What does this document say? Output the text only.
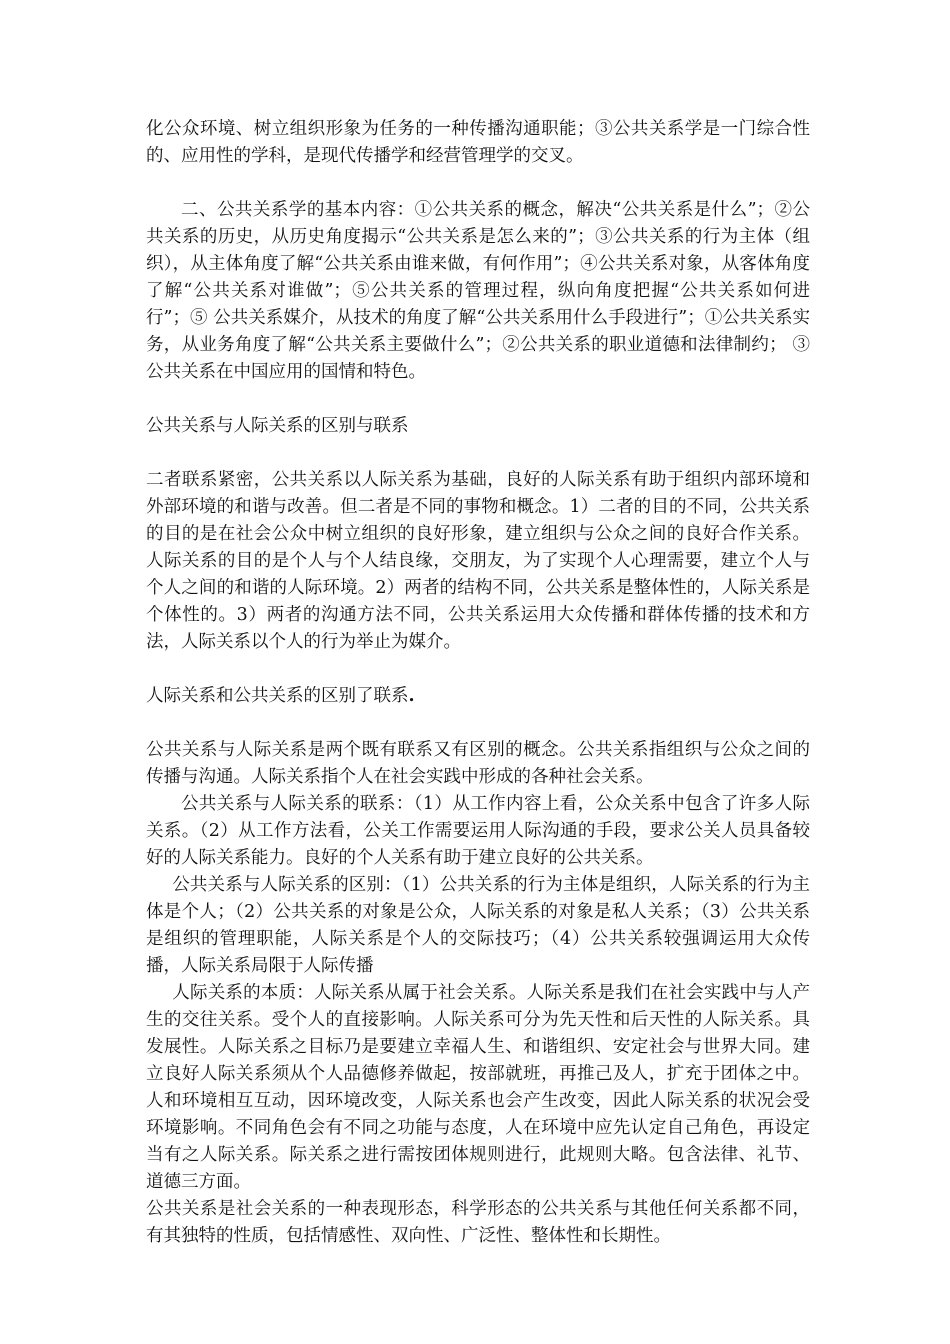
化公众环境、树立组织形象为任务的一种传播沟通职能；③公共关系学是一门综合性的、应用性的学科，是现代传播学和经营管理学的交叉。

二、公共关系学的基本内容：①公共关系的概念，解决“公共关系是什么”；②公共关系的历史，从历史角度揭示“公共关系是怎么来的”；③公共关系的行为主体（组织），从主体角度了解“公共关系由谁来做，有何作用”；④公共关系对象，从客体角度了解“公共关系对谁做”；⑤公共关系的管理过程，纵向角度把握“公共关系如何进行”；⑤ 公共关系媒介，从技术的角度了解“公共关系用什么手段进行”；①公共关系实务，从业务角度了解“公共关系主要做什么”；②公共关系的职业道德和法律制约； ③公共关系在中国应用的国情和特色。

公共关系与人际关系的区别与联系

二者联系紧密，公共关系以人际关系为基础，良好的人际关系有助于组织内部环境和外部环境的和谐与改善。但二者是不同的事物和概念。1）二者的目的不同，公共关系的目的是在社会公众中树立组织的良好形象，建立组织与公众之间的良好合作关系。人际关系的目的是个人与个人结良缘，交朋友，为了实现个人心理需要，建立个人与个人之间的和谐的人际环境。2）两者的结构不同，公共关系是整体性的，人际关系是个体性的。3）两者的沟通方法不同，公共关系运用大众传播和群体传播的技术和方法，人际关系以个人的行为举止为媒介。

人际关系和公共关系的区别了联系.

公共关系与人际关系是两个既有联系又有区别的概念。公共关系指组织与公众之间的传播与沟通。人际关系指个人在社会实践中形成的各种社会关系。

公共关系与人际关系的联系：（1）从工作内容上看，公众关系中包含了许多人际关系。（2）从工作方法看，公关工作需要运用人际沟通的手段，要求公关人员具备较好的人际关系能力。良好的个人关系有助于建立良好的公共关系。

公共关系与人际关系的区别：（1）公共关系的行为主体是组织，人际关系的行为主体是个人；（2）公共关系的对象是公众，人际关系的对象是私人关系；（3）公共关系是组织的管理职能，人际关系是个人的交际技巧；（4）公共关系较强调运用大众传播，人际关系局限于人际传播

人际关系的本质：人际关系从属于社会关系。人际关系是我们在社会实践中与人产生的交往关系。受个人的直接影响。人际关系可分为先天性和后天性的人际关系。具发展性。人际关系之目标乃是要建立幸福人生、和谐组织、安定社会与世界大同。建立良好人际关系须从个人品德修养做起，按部就班，再推己及人，扩充于团体之中。人和环境相互互动，因环境改变，人际关系也会产生改变，因此人际关系的状况会受环境影响。不同角色会有不同之功能与态度，人在环境中应先认定自己角色，再设定当有之人际关系。际关系之进行需按团体规则进行，此规则大略。包含法律、礼节、道德三方面。

公共关系是社会关系的一种表现形态，科学形态的公共关系与其他任何关系都不同，有其独特的性质，包括情感性、双向性、广泛性、整体性和长期性。
